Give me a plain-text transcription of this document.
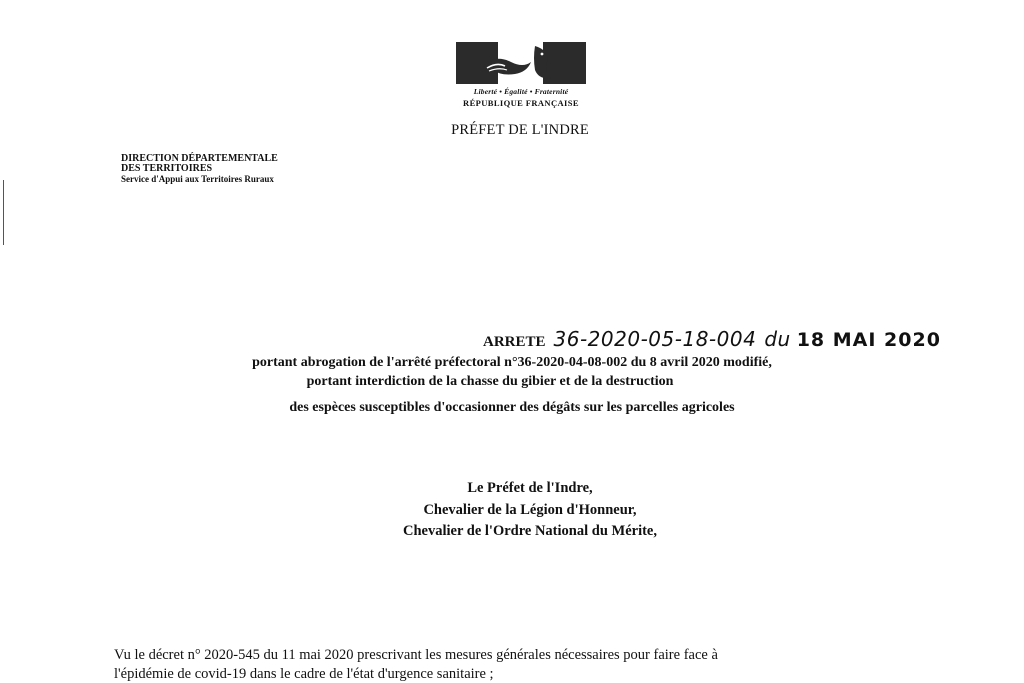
Liberté • Égalité • Fraternité
RÉPUBLIQUE FRANÇAISE
PRÉFET DE L'INDRE
DIRECTION DÉPARTEMENTALE
DES TERRITOIRES
Service d'Appui aux Territoires Ruraux
ARRETE 36-2020-05-18-004 du 18 MAI 2020
portant abrogation de l'arrêté préfectoral n°36-2020-04-08-002 du 8 avril 2020 modifié,
portant interdiction de la chasse du gibier et de la destruction
des espèces susceptibles d'occasionner des dégâts sur les parcelles agricoles
Le Préfet de l'Indre,
Chevalier de la Légion d'Honneur,
Chevalier de l'Ordre National du Mérite,
Vu le décret n° 2020-545 du 11 mai 2020 prescrivant les mesures générales nécessaires pour faire face à
l'épidémie de covid-19 dans le cadre de l'état d'urgence sanitaire ;
